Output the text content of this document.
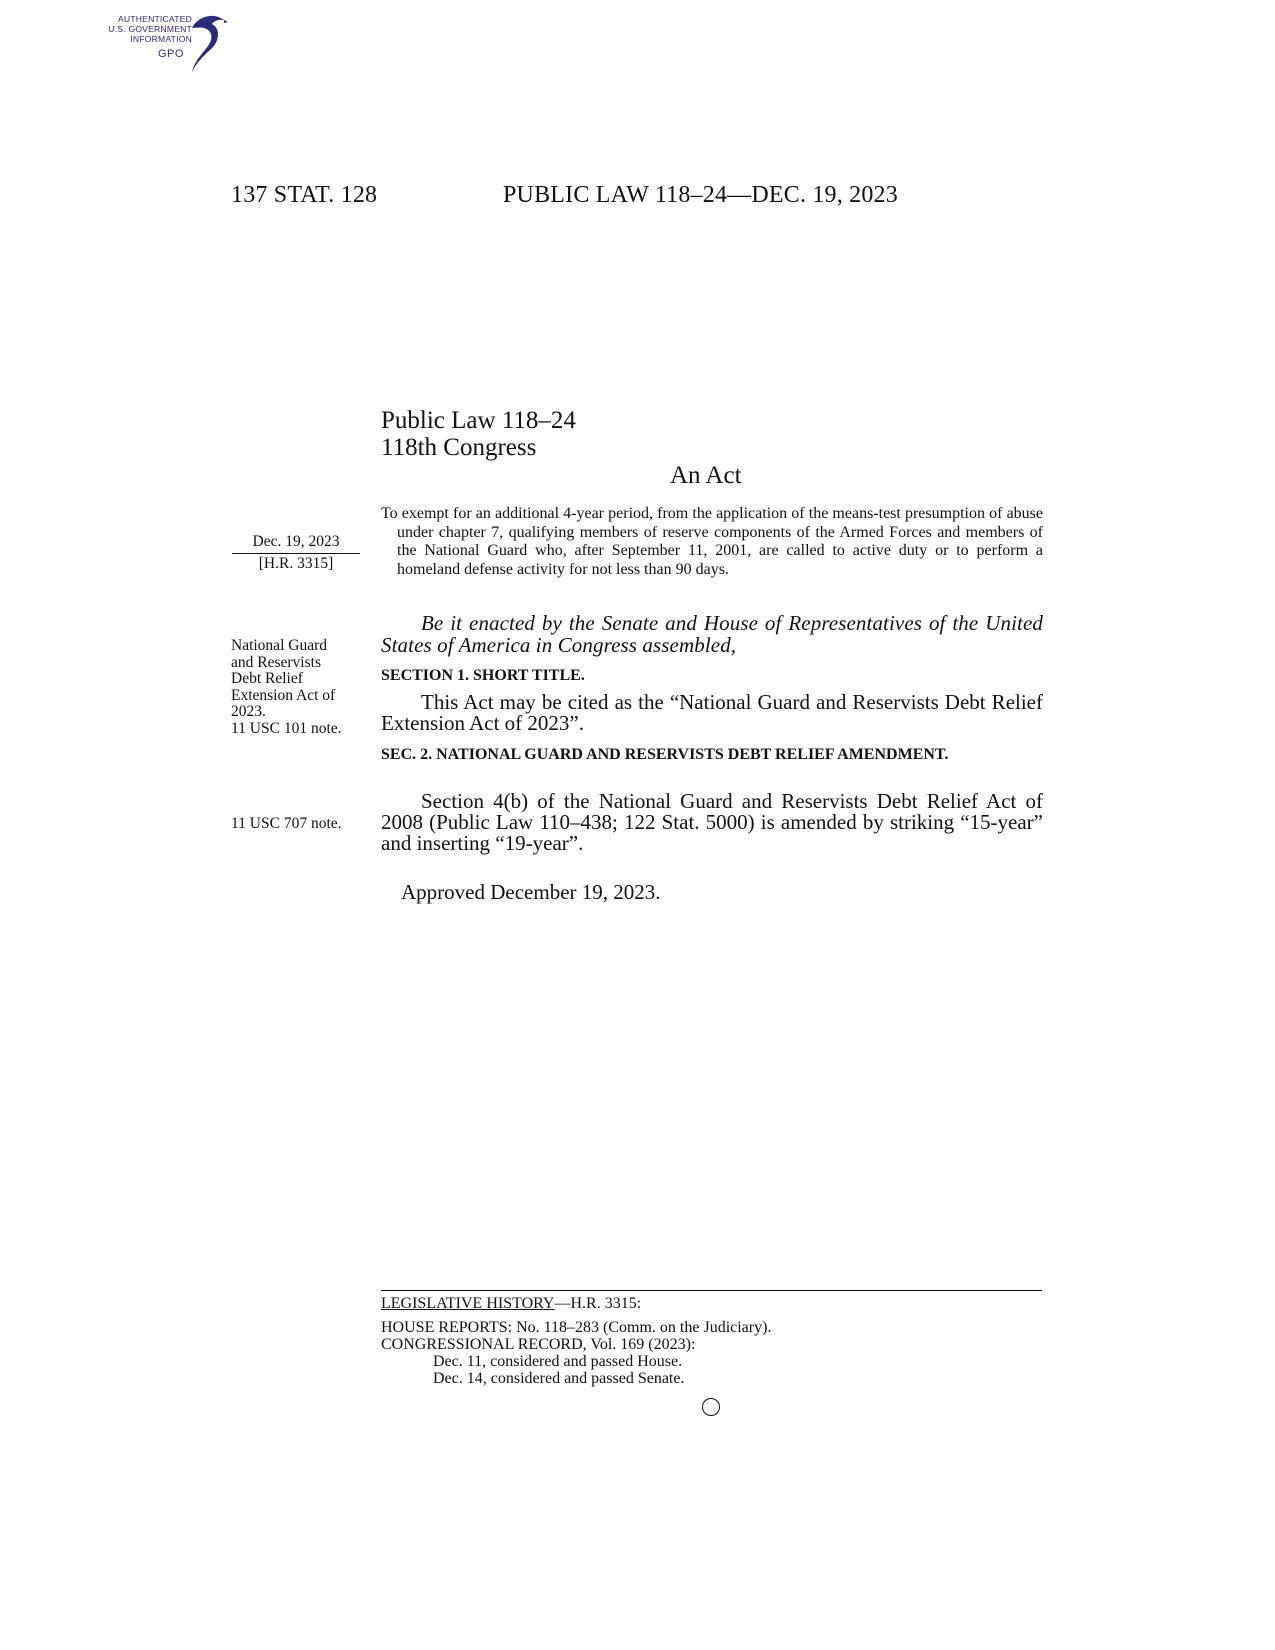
AUTHENTICATED
U.S. GOVERNMENT
INFORMATION
GPO
137 STAT. 128	PUBLIC LAW 118–24—DEC. 19, 2023
Public Law 118–24
118th Congress
An Act
Dec. 19, 2023
[H.R. 3315]
National Guard
and Reservists
Debt Relief
Extension Act of
2023.
11 USC 101 note.
11 USC 707 note.

To exempt for an additional 4-year period, from the application of the means-test presumption of abuse under chapter 7, qualifying members of reserve components of the Armed Forces and members of the National Guard who, after September 11, 2001, are called to active duty or to perform a homeland defense activity for not less than 90 days.

Be it enacted by the Senate and House of Representatives of the United States of America in Congress assembled,
SECTION 1. SHORT TITLE.
This Act may be cited as the “National Guard and Reservists Debt Relief Extension Act of 2023”.

SEC. 2. NATIONAL GUARD AND RESERVISTS DEBT RELIEF AMENDMENT.

Section 4(b) of the National Guard and Reservists Debt Relief Act of 2008 (Public Law 110–438; 122 Stat. 5000) is amended by striking “15-year” and inserting “19-year”.
Approved December 19, 2023.
LEGISLATIVE HISTORY—H.R. 3315:
HOUSE REPORTS: No. 118–283 (Comm. on the Judiciary).
CONGRESSIONAL RECORD, Vol. 169 (2023):
Dec. 11, considered and passed House.
Dec. 14, considered and passed Senate.
